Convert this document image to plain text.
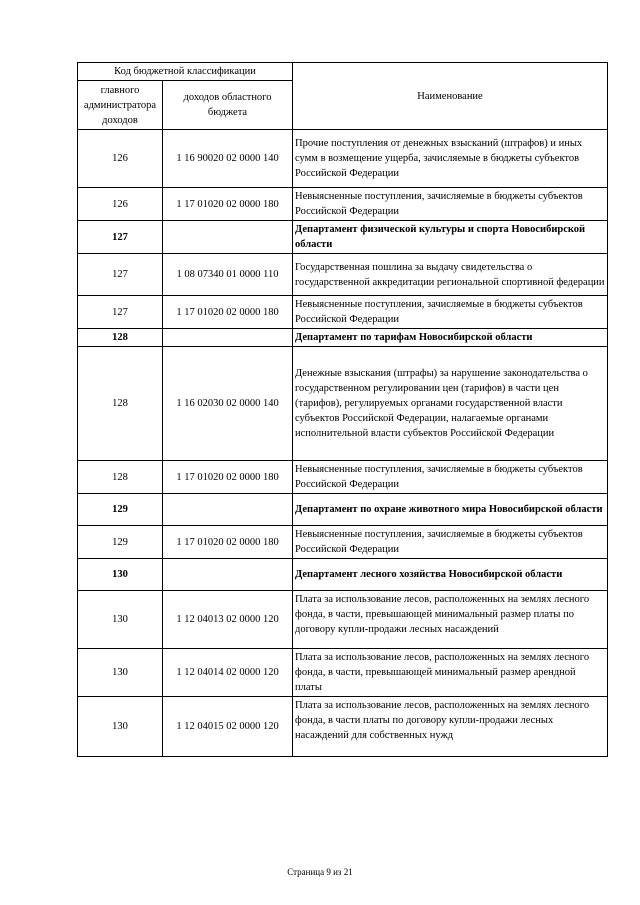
Код бюджетной классификации		Наименование
главного администратора доходов	доходов областного бюджета	
126	1 16 90020 02 0000 140	Прочие поступления от денежных взысканий (штрафов) и иных сумм в возмещение ущерба, зачисляемые в бюджеты субъектов Российской Федерации
126	1 17 01020 02 0000 180	Невыясненные поступления, зачисляемые в бюджеты субъектов Российской Федерации
127		Департамент физической культуры и спорта Новосибирской области
127	1 08 07340 01 0000 110	Государственная пошлина за выдачу свидетельства о государственной аккредитации региональной спортивной федерации
127	1 17 01020 02 0000 180	Невыясненные поступления, зачисляемые в бюджеты субъектов Российской Федерации
128		Департамент по тарифам Новосибирской области
128	1 16 02030 02 0000 140	Денежные взыскания (штрафы) за нарушение законодательства о государственном регулировании цен (тарифов) в части цен (тарифов), регулируемых органами государственной власти субъектов Российской Федерации, налагаемые органами исполнительной власти субъектов Российской Федерации
128	1 17 01020 02 0000 180	Невыясненные поступления, зачисляемые в бюджеты субъектов Российской Федерации
129		Департамент по охране животного мира Новосибирской области
129	1 17 01020 02 0000 180	Невыясненные поступления, зачисляемые в бюджеты субъектов Российской Федерации
130		Департамент лесного хозяйства Новосибирской области
130	1 12 04013 02 0000 120	Плата за использование лесов, расположенных на землях лесного фонда, в части, превышающей минимальный размер платы по договору купли-продажи лесных насаждений
130	1 12 04014 02 0000 120	Плата за использование лесов, расположенных на землях лесного фонда, в части, превышающей минимальный размер арендной платы
130	1 12 04015 02 0000 120	Плата за использование лесов, расположенных на землях лесного фонда, в части платы по договору купли-продажи лесных насаждений для собственных нужд
Страница 9 из 21
